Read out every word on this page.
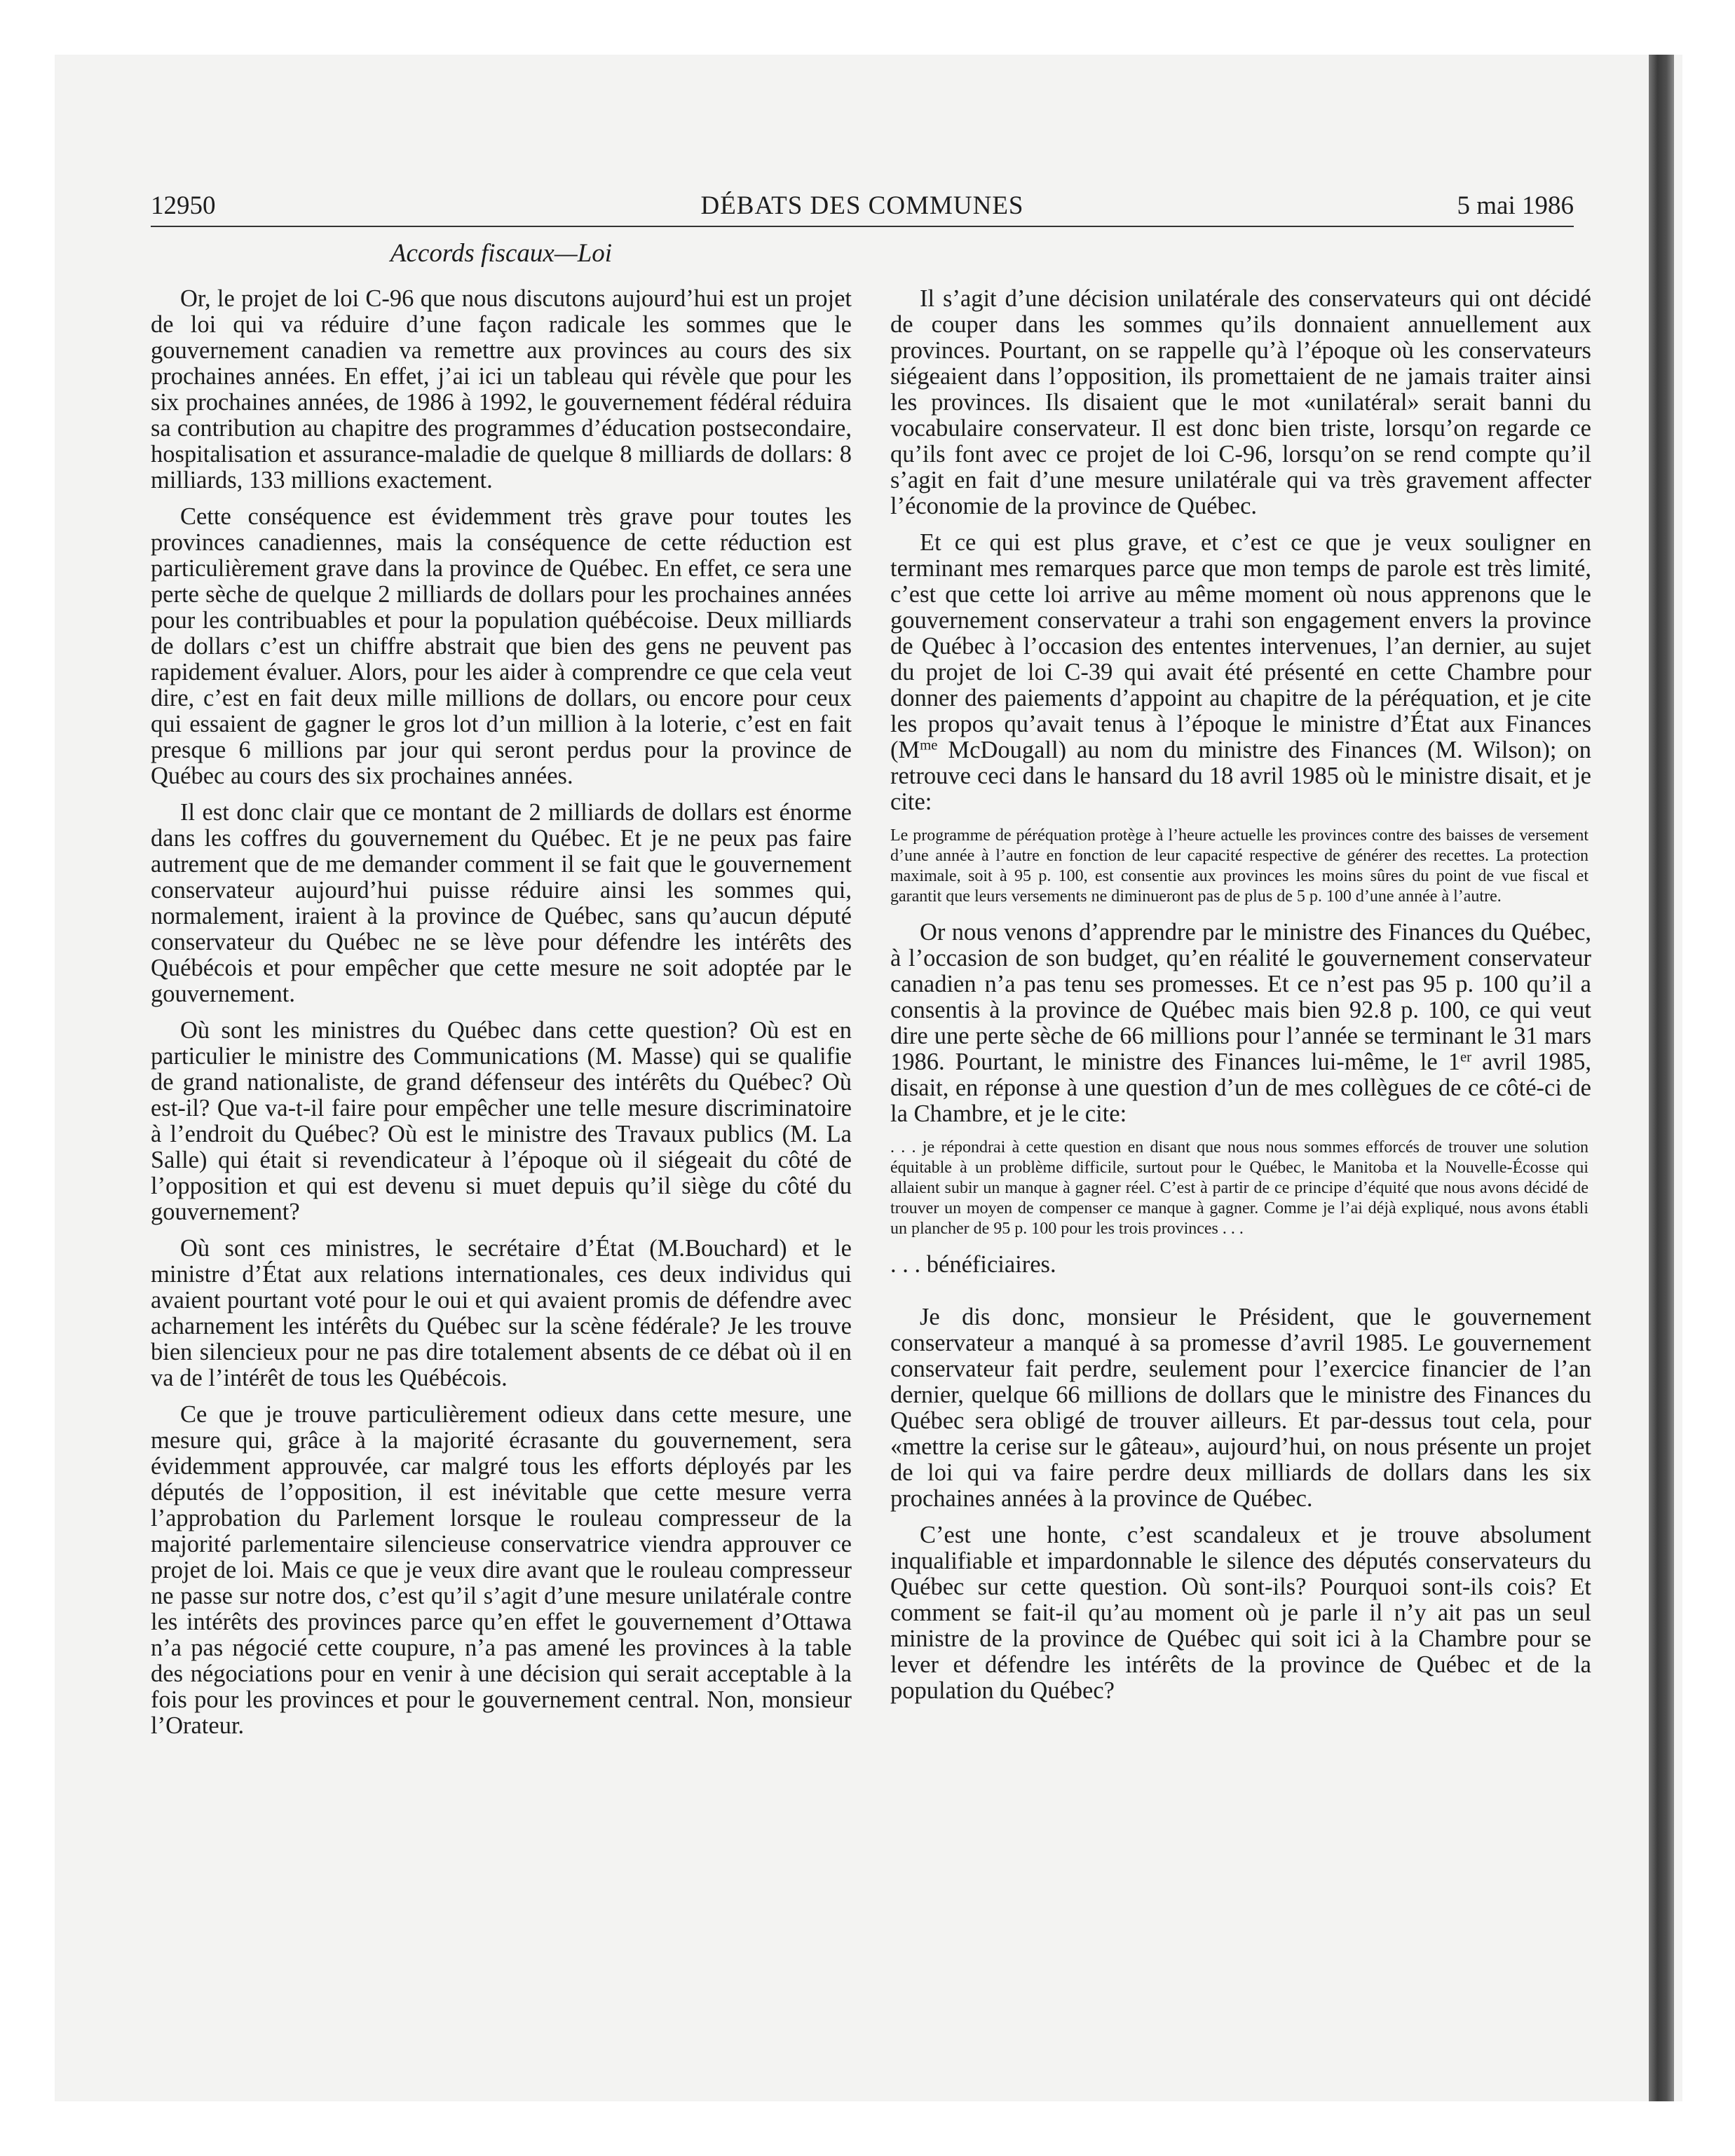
12950	DÉBATS DES COMMUNES	5 mai 1986
Accords fiscaux—Loi

Or, le projet de loi C-96 que nous discutons aujourd’hui est un projet de loi qui va réduire d’une façon radicale les sommes que le gouvernement canadien va remettre aux provinces au cours des six prochaines années. En effet, j’ai ici un tableau qui révèle que pour les six prochaines années, de 1986 à 1992, le gouvernement fédéral réduira sa contribution au chapitre des programmes d’éducation postsecondaire, hospitalisation et assurance-maladie de quelque 8 milliards de dollars: 8 milliards, 133 millions exactement.

Cette conséquence est évidemment très grave pour toutes les provinces canadiennes, mais la conséquence de cette réduction est particulièrement grave dans la province de Québec. En effet, ce sera une perte sèche de quelque 2 milliards de dollars pour les prochaines années pour les contribuables et pour la population québécoise. Deux milliards de dollars c’est un chiffre abstrait que bien des gens ne peuvent pas rapidement évaluer. Alors, pour les aider à comprendre ce que cela veut dire, c’est en fait deux mille millions de dollars, ou encore pour ceux qui essaient de gagner le gros lot d’un million à la loterie, c’est en fait presque 6 millions par jour qui seront perdus pour la province de Québec au cours des six prochaines années.

Il est donc clair que ce montant de 2 milliards de dollars est énorme dans les coffres du gouvernement du Québec. Et je ne peux pas faire autrement que de me demander comment il se fait que le gouvernement conservateur aujourd’hui puisse réduire ainsi les sommes qui, normalement, iraient à la province de Québec, sans qu’aucun député conservateur du Québec ne se lève pour défendre les intérêts des Québécois et pour empêcher que cette mesure ne soit adoptée par le gouvernement.

Où sont les ministres du Québec dans cette question? Où est en particulier le ministre des Communications (M. Masse) qui se qualifie de grand nationaliste, de grand défenseur des intérêts du Québec? Où est-il? Que va-t-il faire pour empêcher une telle mesure discriminatoire à l’endroit du Québec? Où est le ministre des Travaux publics (M. La Salle) qui était si revendicateur à l’époque où il siégeait du côté de l’opposition et qui est devenu si muet depuis qu’il siège du côté du gouvernement?

Où sont ces ministres, le secrétaire d’État (M.Bouchard) et le ministre d’État aux relations internationales, ces deux individus qui avaient pourtant voté pour le oui et qui avaient promis de défendre avec acharnement les intérêts du Québec sur la scène fédérale? Je les trouve bien silencieux pour ne pas dire totalement absents de ce débat où il en va de l’intérêt de tous les Québécois.

Ce que je trouve particulièrement odieux dans cette mesure, une mesure qui, grâce à la majorité écrasante du gouvernement, sera évidemment approuvée, car malgré tous les efforts déployés par les députés de l’opposition, il est inévitable que cette mesure verra l’approbation du Parlement lorsque le rouleau compresseur de la majorité parlementaire silencieuse conservatrice viendra approuver ce projet de loi. Mais ce que je veux dire avant que le rouleau compresseur ne passe sur notre dos, c’est qu’il s’agit d’une mesure unilatérale contre les intérêts des provinces parce qu’en effet le gouvernement d’Ottawa n’a pas négocié cette coupure, n’a pas amené les provinces à la table des négociations pour en venir à une décision qui serait acceptable à la fois pour les provinces et pour le gouvernement central. Non, monsieur l’Orateur.

Il s’agit d’une décision unilatérale des conservateurs qui ont décidé de couper dans les sommes qu’ils donnaient annuellement aux provinces. Pourtant, on se rappelle qu’à l’époque où les conservateurs siégeaient dans l’opposition, ils promettaient de ne jamais traiter ainsi les provinces. Ils disaient que le mot «unilatéral» serait banni du vocabulaire conservateur. Il est donc bien triste, lorsqu’on regarde ce qu’ils font avec ce projet de loi C-96, lorsqu’on se rend compte qu’il s’agit en fait d’une mesure unilatérale qui va très gravement affecter l’économie de la province de Québec.

Et ce qui est plus grave, et c’est ce que je veux souligner en terminant mes remarques parce que mon temps de parole est très limité, c’est que cette loi arrive au même moment où nous apprenons que le gouvernement conservateur a trahi son engagement envers la province de Québec à l’occasion des ententes intervenues, l’an dernier, au sujet du projet de loi C-39 qui avait été présenté en cette Chambre pour donner des paiements d’appoint au chapitre de la péréquation, et je cite les propos qu’avait tenus à l’époque le ministre d’État aux Finances ($M^{me}$ McDougall) au nom du ministre des Finances (M. Wilson); on retrouve ceci dans le hansard du 18 avril 1985 où le ministre disait, et je cite:

Le programme de péréquation protège à l’heure actuelle les provinces contre des baisses de versement d’une année à l’autre en fonction de leur capacité respective de générer des recettes. La protection maximale, soit à 95 p. 100, est consentie aux provinces les moins sûres du point de vue fiscal et garantit que leurs versements ne diminueront pas de plus de 5 p. 100 d’une année à l’autre.

Or nous venons d’apprendre par le ministre des Finances du Québec, à l’occasion de son budget, qu’en réalité le gouvernement conservateur canadien n’a pas tenu ses promesses. Et ce n’est pas 95 p. 100 qu’il a consentis à la province de Québec mais bien 92.8 p. 100, ce qui veut dire une perte sèche de 66 millions pour l’année se terminant le 31 mars 1986. Pourtant, le ministre des Finances lui-même, le 1er avril 1985, disait, en réponse à une question d’un de mes collègues de ce côté-ci de la Chambre, et je le cite:

. . . je répondrai à cette question en disant que nous nous sommes efforcés de trouver une solution équitable à un problème difficile, surtout pour le Québec, le Manitoba et la Nouvelle-Écosse qui allaient subir un manque à gagner réel. C’est à partir de ce principe d’équité que nous avons décidé de trouver un moyen de compenser ce manque à gagner. Comme je l’ai déjà expliqué, nous avons établi un plancher de 95 p. 100 pour les trois provinces . . .

. . . bénéficiaires.

Je dis donc, monsieur le Président, que le gouvernement conservateur a manqué à sa promesse d’avril 1985. Le gouvernement conservateur fait perdre, seulement pour l’exercice financier de l’an dernier, quelque 66 millions de dollars que le ministre des Finances du Québec sera obligé de trouver ailleurs. Et par-dessus tout cela, pour «mettre la cerise sur le gâteau», aujourd’hui, on nous présente un projet de loi qui va faire perdre deux milliards de dollars dans les six prochaines années à la province de Québec.

C’est une honte, c’est scandaleux et je trouve absolument inqualifiable et impardonnable le silence des députés conservateurs du Québec sur cette question. Où sont-ils? Pourquoi sont-ils cois? Et comment se fait-il qu’au moment où je parle il n’y ait pas un seul ministre de la province de Québec qui soit ici à la Chambre pour se lever et défendre les intérêts de la province de Québec et de la population du Québec?
